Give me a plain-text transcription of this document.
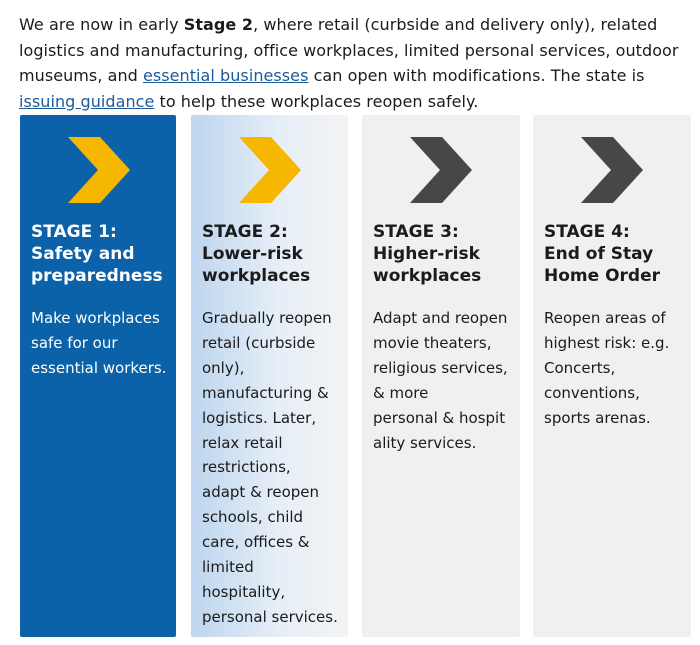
We are now in early Stage 2, where retail (curbside and delivery only), related logistics and manufacturing, office workplaces, limited personal services, outdoor museums, and essential businesses can open with modifications. The state is issuing guidance to help these workplaces reopen safely.

STAGE 1:
Safety and
preparedness
Make workplaces
safe for our
essential workers.
STAGE 2:
Lower-risk
workplaces
Gradually reopen
retail (curbside
only),
manufacturing &
logistics. Later,
relax retail
restrictions,
adapt & reopen
schools, child
care, offices &
limited
hospitality,
personal services.
STAGE 3:
Higher-risk
workplaces
Adapt and reopen
movie theaters,
religious services,
& more
personal & hospit
ality services.
STAGE 4:
End of Stay
Home Order
Reopen areas of
highest risk: e.g.
Concerts,
conventions,
sports arenas.
